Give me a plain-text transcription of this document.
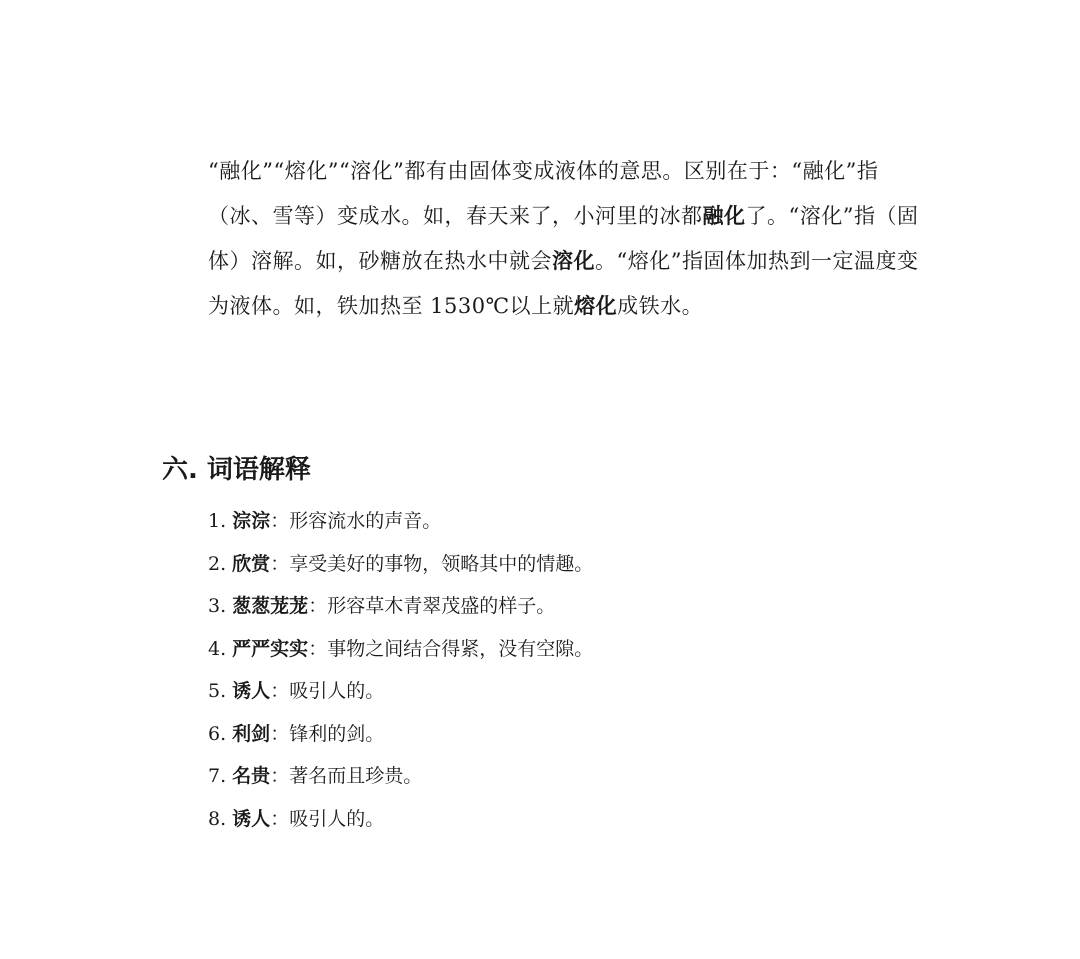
“融化”“熔化”“溶化”都有由固体变成液体的意思。区别在于：“融化”指（冰、雪等）变成水。如，春天来了，小河里的冰都融化了。“溶化”指（固体）溶解。如，砂糖放在热水中就会溶化。“熔化”指固体加热到一定温度变为液体。如，铁加热至 1530℃以上就熔化成铁水。

六. 词语解释
1. 淙淙：形容流水的声音。
2. 欣赏：享受美好的事物，领略其中的情趣。
3. 葱葱茏茏：形容草木青翠茂盛的样子。
4. 严严实实：事物之间结合得紧，没有空隙。
5. 诱人：吸引人的。
6. 利剑：锋利的剑。
7. 名贵：著名而且珍贵。
8. 诱人：吸引人的。
